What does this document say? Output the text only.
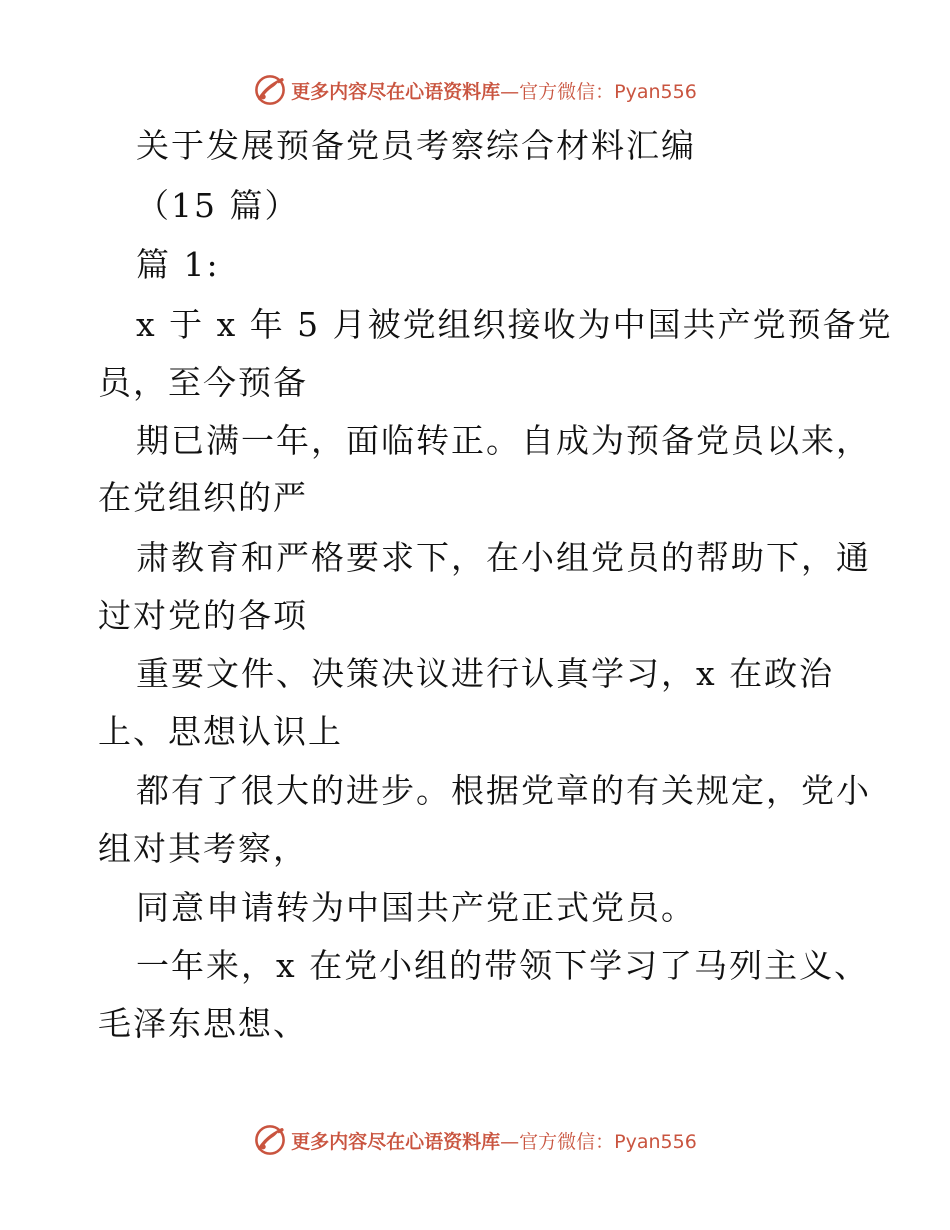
更多内容尽在心语资料库 —官方微信：Pyan556
关于发展预备党员考察综合材料汇编
（15 篇）
篇 1:
x 于 x 年 5 月被党组织接收为中国共产党预备党
员，至今预备
期已满一年，面临转正。自成为预备党员以来，
在党组织的严
肃教育和严格要求下，在小组党员的帮助下，通
过对党的各项
重要文件、决策决议进行认真学习，x 在政治
上、思想认识上
都有了很大的进步。根据党章的有关规定，党小
组对其考察，
同意申请转为中国共产党正式党员。
一年来，x 在党小组的带领下学习了马列主义、
毛泽东思想、
更多内容尽在心语资料库 —官方微信：Pyan556
